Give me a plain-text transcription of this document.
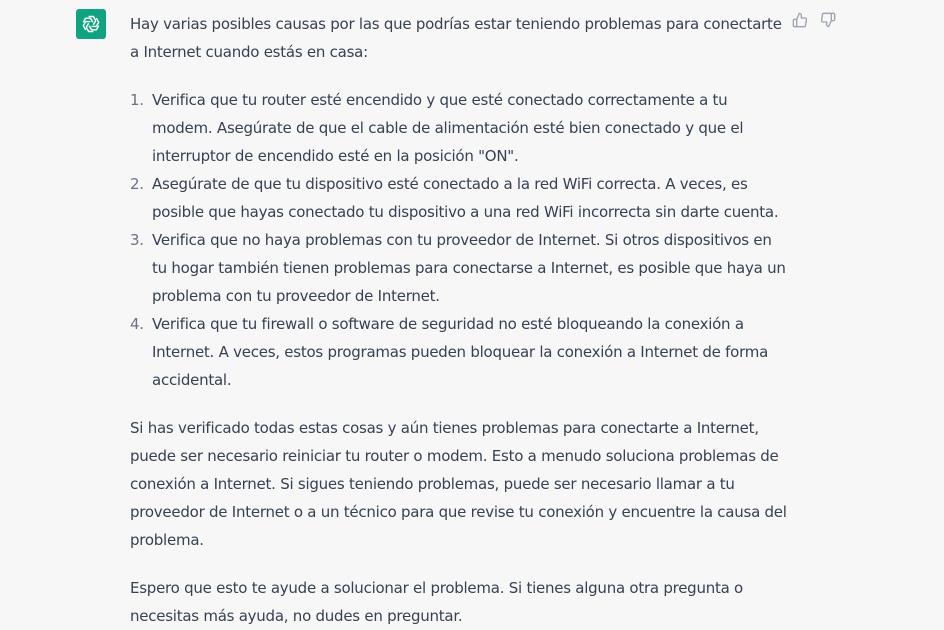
Hay varias posibles causas por las que podrías estar teniendo problemas para conectarte a Internet cuando estás en casa:

1. Verifica que tu router esté encendido y que esté conectado correctamente a tu modem. Asegúrate de que el cable de alimentación esté bien conectado y que el interruptor de encendido esté en la posición "ON".
2. Asegúrate de que tu dispositivo esté conectado a la red WiFi correcta. A veces, es posible que hayas conectado tu dispositivo a una red WiFi incorrecta sin darte cuenta.
3. Verifica que no haya problemas con tu proveedor de Internet. Si otros dispositivos en tu hogar también tienen problemas para conectarse a Internet, es posible que haya un problema con tu proveedor de Internet.
4. Verifica que tu firewall o software de seguridad no esté bloqueando la conexión a Internet. A veces, estos programas pueden bloquear la conexión a Internet de forma accidental.

Si has verificado todas estas cosas y aún tienes problemas para conectarte a Internet, puede ser necesario reiniciar tu router o modem. Esto a menudo soluciona problemas de conexión a Internet. Si sigues teniendo problemas, puede ser necesario llamar a tu proveedor de Internet o a un técnico para que revise tu conexión y encuentre la causa del problema.

Espero que esto te ayude a solucionar el problema. Si tienes alguna otra pregunta o necesitas más ayuda, no dudes en preguntar.
